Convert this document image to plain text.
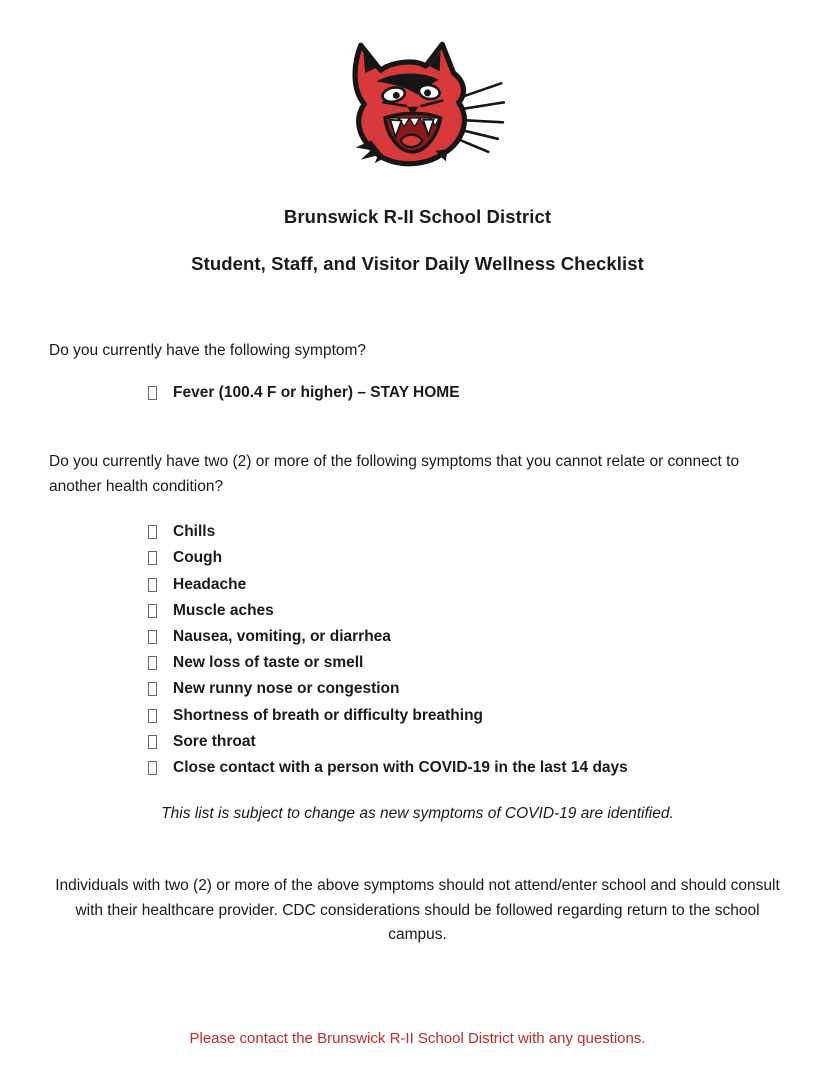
Brunswick R-II School District
Student, Staff, and Visitor Daily Wellness Checklist

Do you currently have the following symptom?

Fever (100.4 F or higher) – STAY HOME

Do you currently have two (2) or more of the following symptoms that you cannot relate or connect to another health condition?

Chills
Cough
Headache
Muscle aches
Nausea, vomiting, or diarrhea
New loss of taste or smell
New runny nose or congestion
Shortness of breath or difficulty breathing
Sore throat
Close contact with a person with COVID-19 in the last 14 days

This list is subject to change as new symptoms of COVID-19 are identified.

Individuals with two (2) or more of the above symptoms should not attend/enter school and should consult with their healthcare provider. CDC considerations should be followed regarding return to the school campus.

Please contact the Brunswick R-II School District with any questions.
